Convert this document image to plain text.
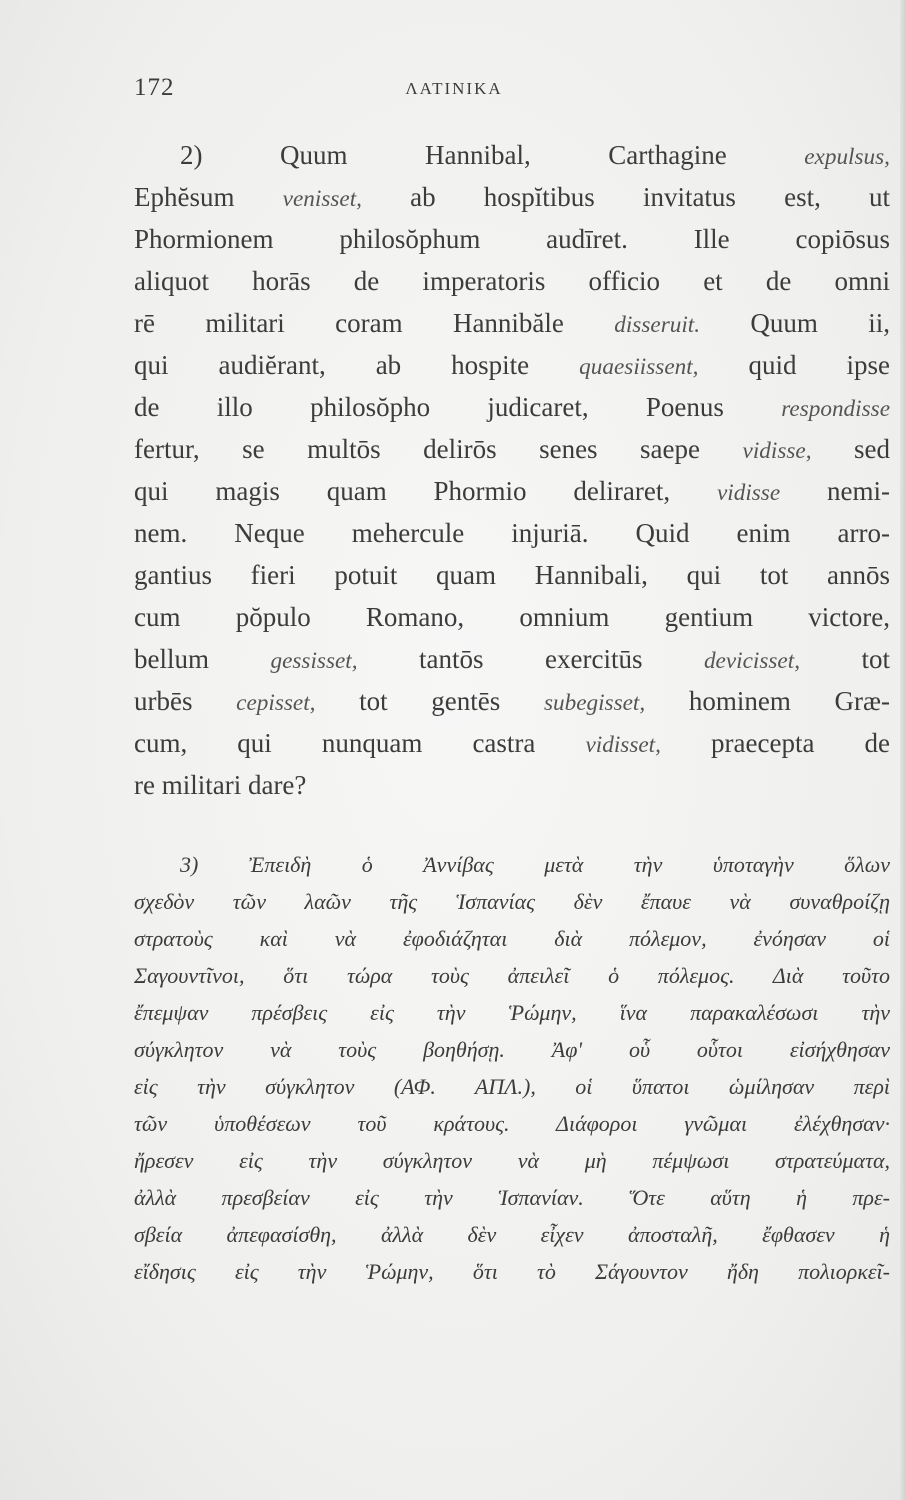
172	ΛΑΤΙΝΙΚΑ
2) Quum Hannibal, Carthagine expulsus,
Ephĕsum venisset, ab hospĭtibus invitatus est, ut
Phormionem philosŏphum audīret. Ille copiōsus
aliquot horās de imperatoris officio et de omni
rē militari coram Hannibăle disseruit. Quum ii,
qui audiĕrant, ab hospite quaesiissent, quid ipse
de illo philosŏpho judicaret, Poenus respondisse
fertur, se multōs delirōs senes saepe vidisse, sed
qui magis quam Phormio deliraret, vidisse nemi-
nem. Neque mehercule injuriā. Quid enim arro-
gantius fieri potuit quam Hannibali, qui tot annōs
cum pŏpulo Romano, omnium gentium victore,
bellum gessisset, tantōs exercitūs devicisset, tot
urbēs cepisset, tot gentēs subegisset, hominem Græ-
cum, qui nunquam castra vidisset, praecepta de
re militari dare?
3) Ἐπειδὴ ὁ Ἀννίβας μετὰ τὴν ὑποταγὴν ὅλων
σχεδὸν τῶν λαῶν τῆς Ἱσπανίας δὲν ἔπαυε νὰ συναθροίζῃ
στρατοὺς καὶ νὰ ἐφοδιάζηται διὰ πόλεμον, ἐνόησαν οἱ
Σαγουντῖνοι, ὅτι τώρα τοὺς ἀπειλεῖ ὁ πόλεμος. Διὰ τοῦτο
ἔπεμψαν πρέσβεις εἰς τὴν Ῥώμην, ἵνα παρακαλέσωσι τὴν
σύγκλητον νὰ τοὺς βοηθήσῃ. Ἀφ' οὗ οὗτοι εἰσήχθησαν
εἰς τὴν σύγκλητον (ΑΦ. ΑΠΛ.), οἱ ὕπατοι ὡμίλησαν περὶ
τῶν ὑποθέσεων τοῦ κράτους. Διάφοροι γνῶμαι ἐλέχθησαν·
ἤρεσεν εἰς τὴν σύγκλητον νὰ μὴ πέμψωσι στρατεύματα,
ἀλλὰ πρεσβείαν εἰς τὴν Ἱσπανίαν. Ὅτε αὕτη ἡ πρε-
σβεία ἀπεφασίσθη, ἀλλὰ δὲν εἶχεν ἀποσταλῆ, ἔφθασεν ἡ
εἴδησις εἰς τὴν Ῥώμην, ὅτι τὸ Σάγουντον ἤδη πολιορκεῖ-
